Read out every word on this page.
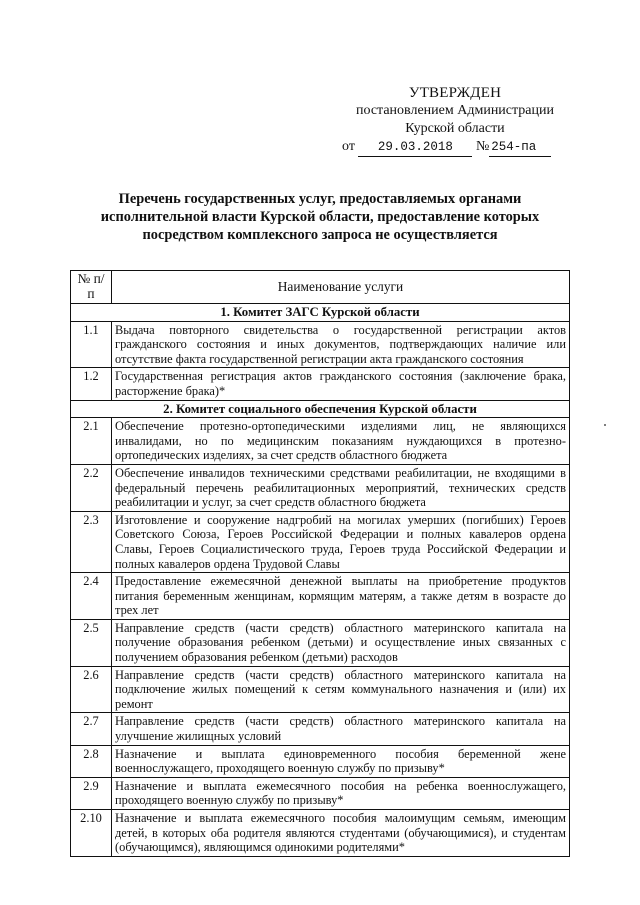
УТВЕРЖДЕН
постановлением Администрации
Курской области
от 29.03.2018 № 254-па
Перечень государственных услуг, предоставляемых органами исполнительной власти Курской области, предоставление которых посредством комплексного запроса не осуществляется
№ п/п	Наименование услуги
1. Комитет ЗАГС Курской области	
1.1	Выдача повторного свидетельства о государственной регистрации актов гражданского состояния и иных документов, подтверждающих наличие или отсутствие факта государственной регистрации акта гражданского состояния
1.2	Государственная регистрация актов гражданского состояния (заключение брака, расторжение брака)*
2. Комитет социального обеспечения Курской области	
2.1	Обеспечение протезно-ортопедическими изделиями лиц, не являющихся инвалидами, но по медицинским показаниям нуждающихся в протезно-ортопедических изделиях, за счет средств областного бюджета
2.2	Обеспечение инвалидов техническими средствами реабилитации, не входящими в федеральный перечень реабилитационных мероприятий, технических средств реабилитации и услуг, за счет средств областного бюджета
2.3	Изготовление и сооружение надгробий на могилах умерших (погибших) Героев Советского Союза, Героев Российской Федерации и полных кавалеров ордена Славы, Героев Социалистического труда, Героев труда Российской Федерации и полных кавалеров ордена Трудовой Славы
2.4	Предоставление ежемесячной денежной выплаты на приобретение продуктов питания беременным женщинам, кормящим матерям, а также детям в возрасте до трех лет
2.5	Направление средств (части средств) областного материнского капитала на получение образования ребенком (детьми) и осуществление иных связанных с получением образования ребенком (детьми) расходов
2.6	Направление средств (части средств) областного материнского капитала на подключение жилых помещений к сетям коммунального назначения и (или) их ремонт
2.7	Направление средств (части средств) областного материнского капитала на улучшение жилищных условий
2.8	Назначение и выплата единовременного пособия беременной жене военнослужащего, проходящего военную службу по призыву*
2.9	Назначение и выплата ежемесячного пособия на ребенка военнослужащего, проходящего военную службу по призыву*
2.10	Назначение и выплата ежемесячного пособия малоимущим семьям, имеющим детей, в которых оба родителя являются студентами (обучающимися), и студентам (обучающимся), являющимся одинокими родителями*
